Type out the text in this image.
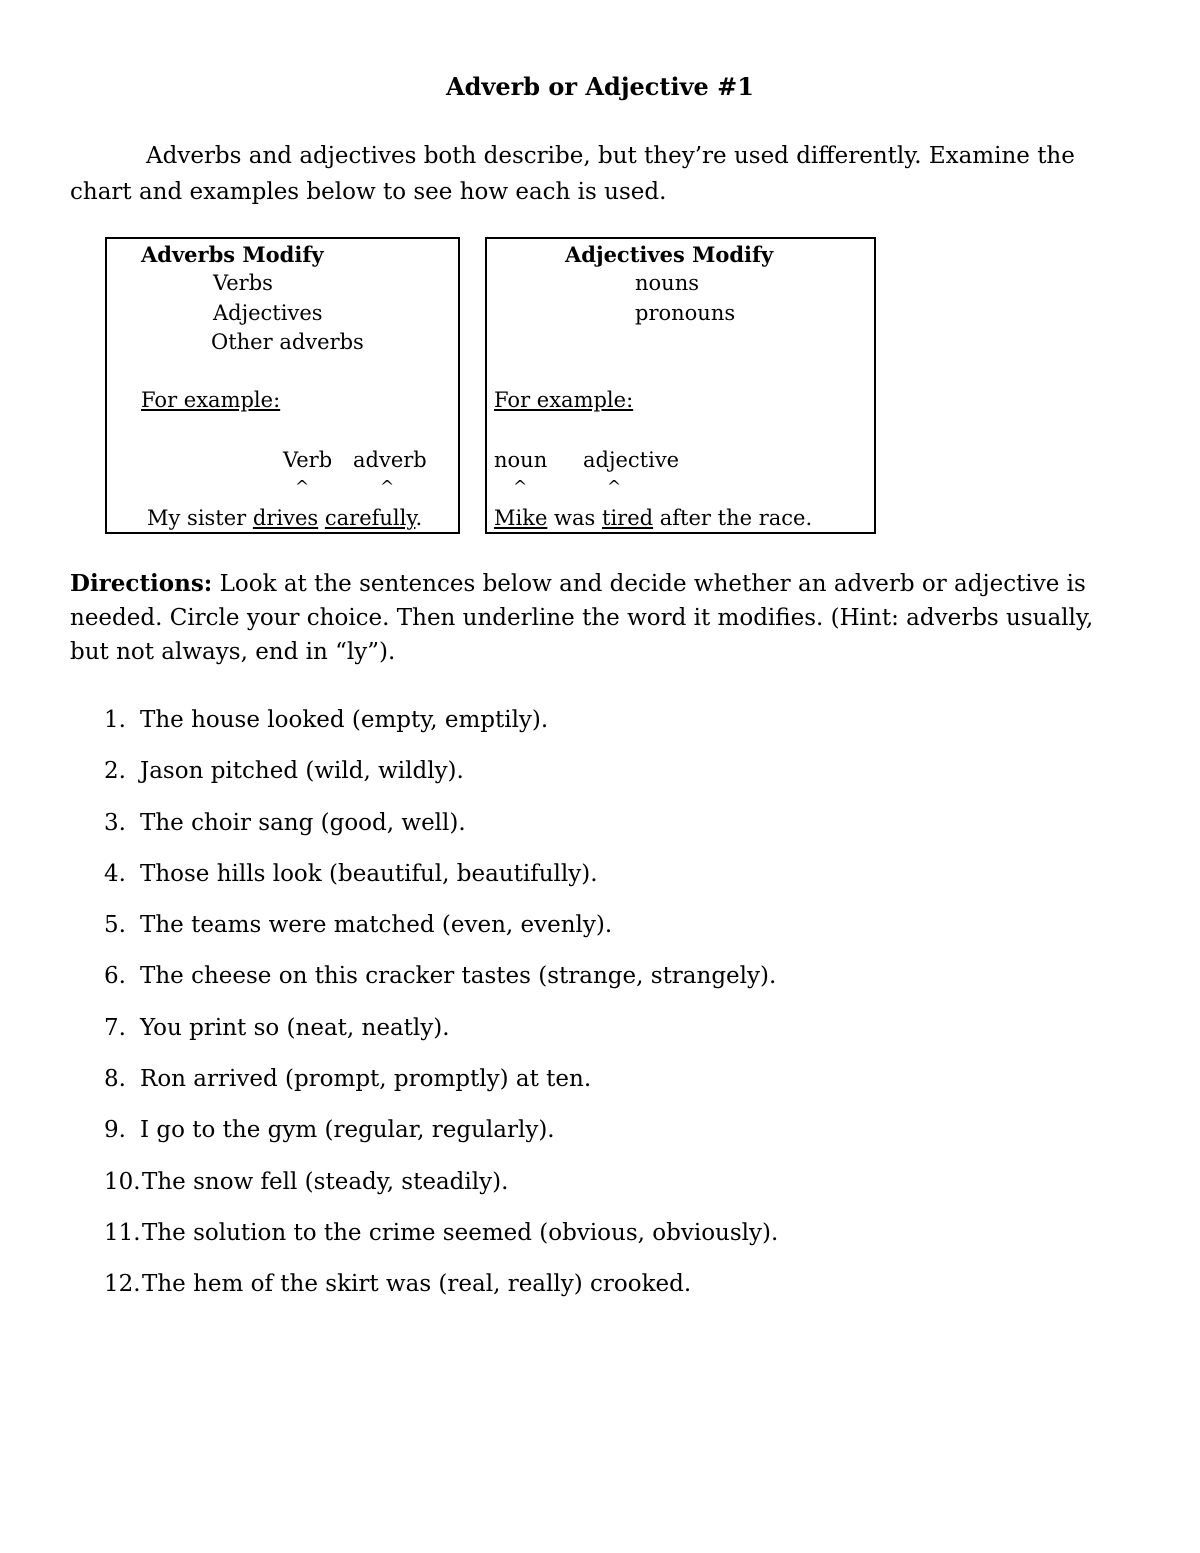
Adverb or Adjective #1

Adverbs and adjectives both describe, but they’re used differently. Examine the chart and examples below to see how each is used.

Adverbs Modify
Verbs
Adjectives
Other adverbs
For example:
Verb adverb
^	^
My sister drives carefully.
Adjectives Modify
nouns
pronouns
For example:
noun adjective
^	^
Mike was tired after the race.

Directions: Look at the sentences below and decide whether an adverb or adjective is needed. Circle your choice. Then underline the word it modifies. (Hint: adverbs usually, but not always, end in “ly”).

1. The house looked (empty, emptily).
2. Jason pitched (wild, wildly).
3. The choir sang (good, well).
4. Those hills look (beautiful, beautifully).
5. The teams were matched (even, evenly).
6. The cheese on this cracker tastes (strange, strangely).
7. You print so (neat, neatly).
8. Ron arrived (prompt, promptly) at ten.
9. I go to the gym (regular, regularly).
10.The snow fell (steady, steadily).
11.The solution to the crime seemed (obvious, obviously).
12.The hem of the skirt was (real, really) crooked.
